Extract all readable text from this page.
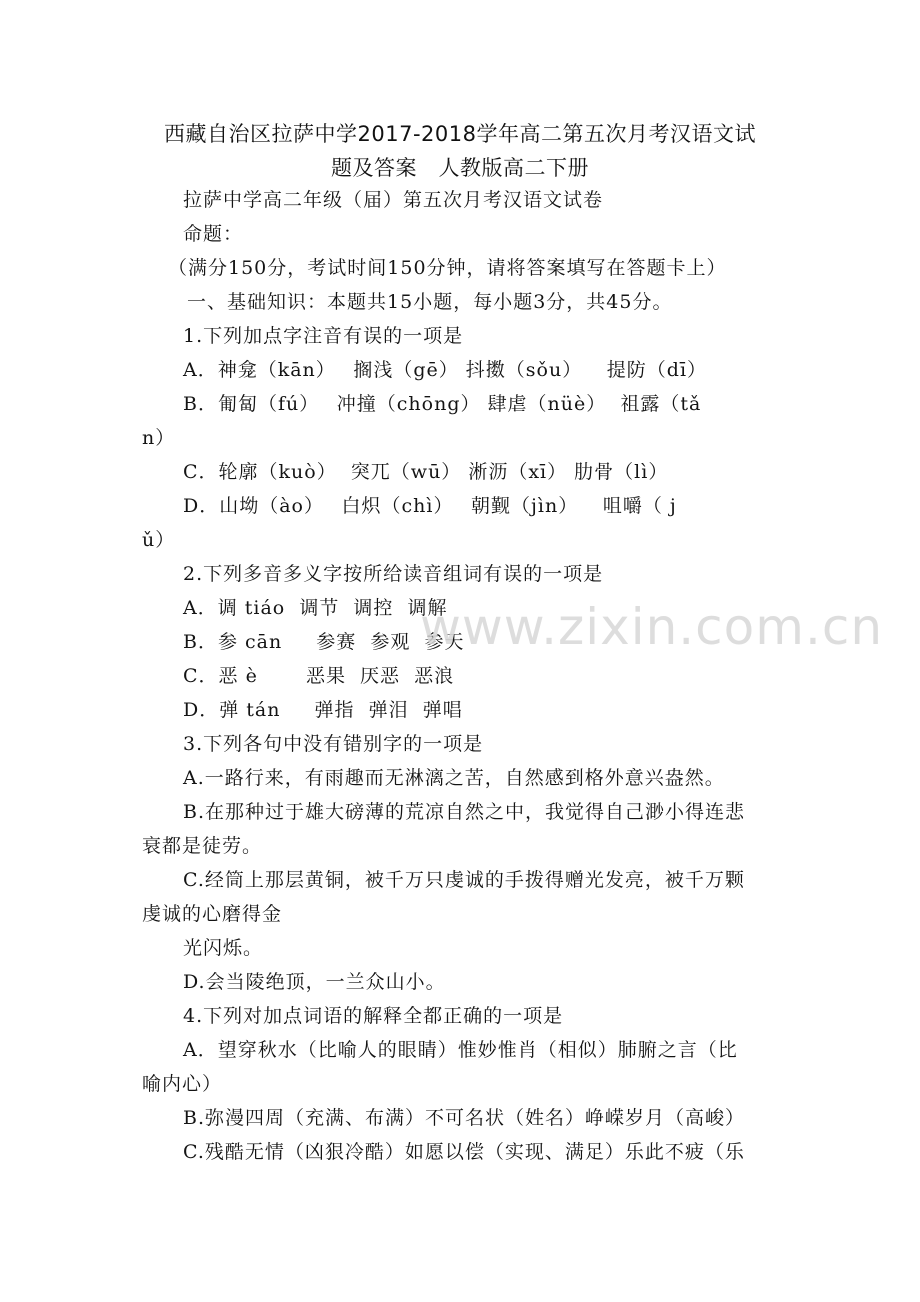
西藏自治区拉萨中学2017-2018学年高二第五次月考汉语文试
题及答案　人教版高二下册
拉萨中学高二年级（届）第五次月考汉语文试卷
命题：
（满分150分，考试时间150分钟，请将答案填写在答题卡上）
一、基础知识：本题共15小题，每小题3分，共45分。
1.下列加点字注音有误的一项是
A．神龛（kān）　 搁浅（gē） 抖擞（sǒu）　  提防（dī）
B．匍匐（fú）　 冲撞（chōng） 肆虐（nüè）  祖露（tǎ
n）
C．轮廓（kuò）  突兀（wū） 淅沥（xī） 肋骨（lì）
D．山坳（ào）　 白炽（chì）　 朝觐（jìn）　  咀嚼（ j
ǔ）
2.下列多音多义字按所给读音组词有误的一项是
A．调 tiáo  调节  调控  调解
B．参 cān　  参赛  参观  参天
C．恶 è　    恶果  厌恶  恶浪
D．弹 tán　  弹指  弹泪  弹唱
3.下列各句中没有错别字的一项是
A.一路行来，有雨趣而无淋漓之苦，自然感到格外意兴盎然。
B.在那种过于雄大磅薄的荒凉自然之中，我觉得自己渺小得连悲
衰都是徒劳。
C.经筒上那层黄铜，被千万只虔诚的手拨得赠光发亮，被千万颗
虔诚的心磨得金
光闪烁。
D.会当陵绝顶，一兰众山小。
4.下列对加点词语的解释全都正确的一项是
A．望穿秋水（比喻人的眼睛）惟妙惟肖（相似）肺腑之言（比
喻内心）
B.弥漫四周（充满、布满）不可名状（姓名）峥嵘岁月（高峻）
C.残酷无情（凶狠冷酷）如愿以偿（实现、满足）乐此不疲（乐
www.zixin.com.cn
